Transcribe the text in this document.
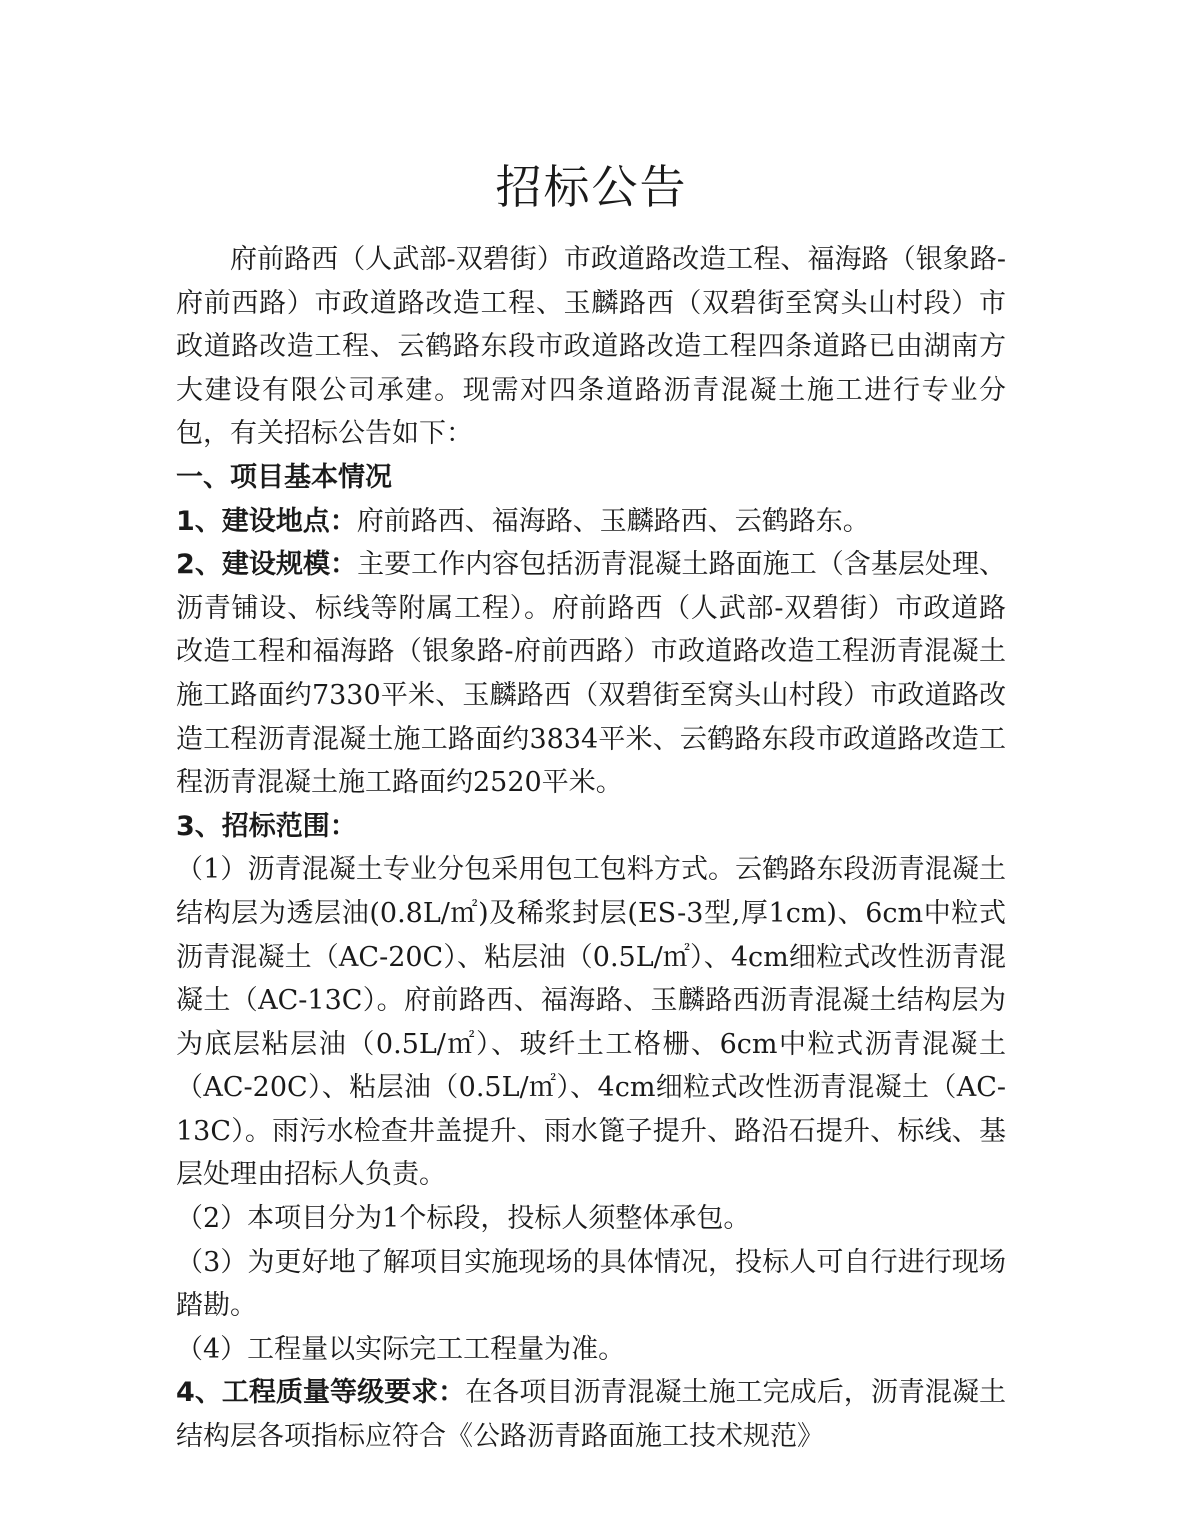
招标公告

府前路西（人武部-双碧街）市政道路改造工程、福海路（银象路-府前西路）市政道路改造工程、玉麟路西（双碧街至窝头山村段）市政道路改造工程、云鹤路东段市政道路改造工程四条道路已由湖南方大建设有限公司承建。现需对四条道路沥青混凝土施工进行专业分包，有关招标公告如下：

一、项目基本情况

1、建设地点：府前路西、福海路、玉麟路西、云鹤路东。

2、建设规模：主要工作内容包括沥青混凝土路面施工（含基层处理、沥青铺设、标线等附属工程）。府前路西（人武部-双碧街）市政道路改造工程和福海路（银象路-府前西路）市政道路改造工程沥青混凝土施工路面约7330平米、玉麟路西（双碧街至窝头山村段）市政道路改造工程沥青混凝土施工路面约3834平米、云鹤路东段市政道路改造工程沥青混凝土施工路面约2520平米。

3、招标范围：

（1）沥青混凝土专业分包采用包工包料方式。云鹤路东段沥青混凝土结构层为透层油(0.8L/㎡)及稀浆封层(ES-3型,厚1cm)、6cm中粒式沥青混凝土（AC-20C）、粘层油（0.5L/㎡）、4cm细粒式改性沥青混凝土（AC-13C）。府前路西、福海路、玉麟路西沥青混凝土结构层为为底层粘层油（0.5L/㎡）、玻纤土工格栅、6cm中粒式沥青混凝土（AC-20C）、粘层油（0.5L/㎡）、4cm细粒式改性沥青混凝土（AC-13C）。雨污水检查井盖提升、雨水篦子提升、路沿石提升、标线、基层处理由招标人负责。

（2）本项目分为1个标段，投标人须整体承包。

（3）为更好地了解项目实施现场的具体情况，投标人可自行进行现场踏勘。

（4）工程量以实际完工工程量为准。

4、工程质量等级要求：在各项目沥青混凝土施工完成后，沥青混凝土结构层各项指标应符合《公路沥青路面施工技术规范》
